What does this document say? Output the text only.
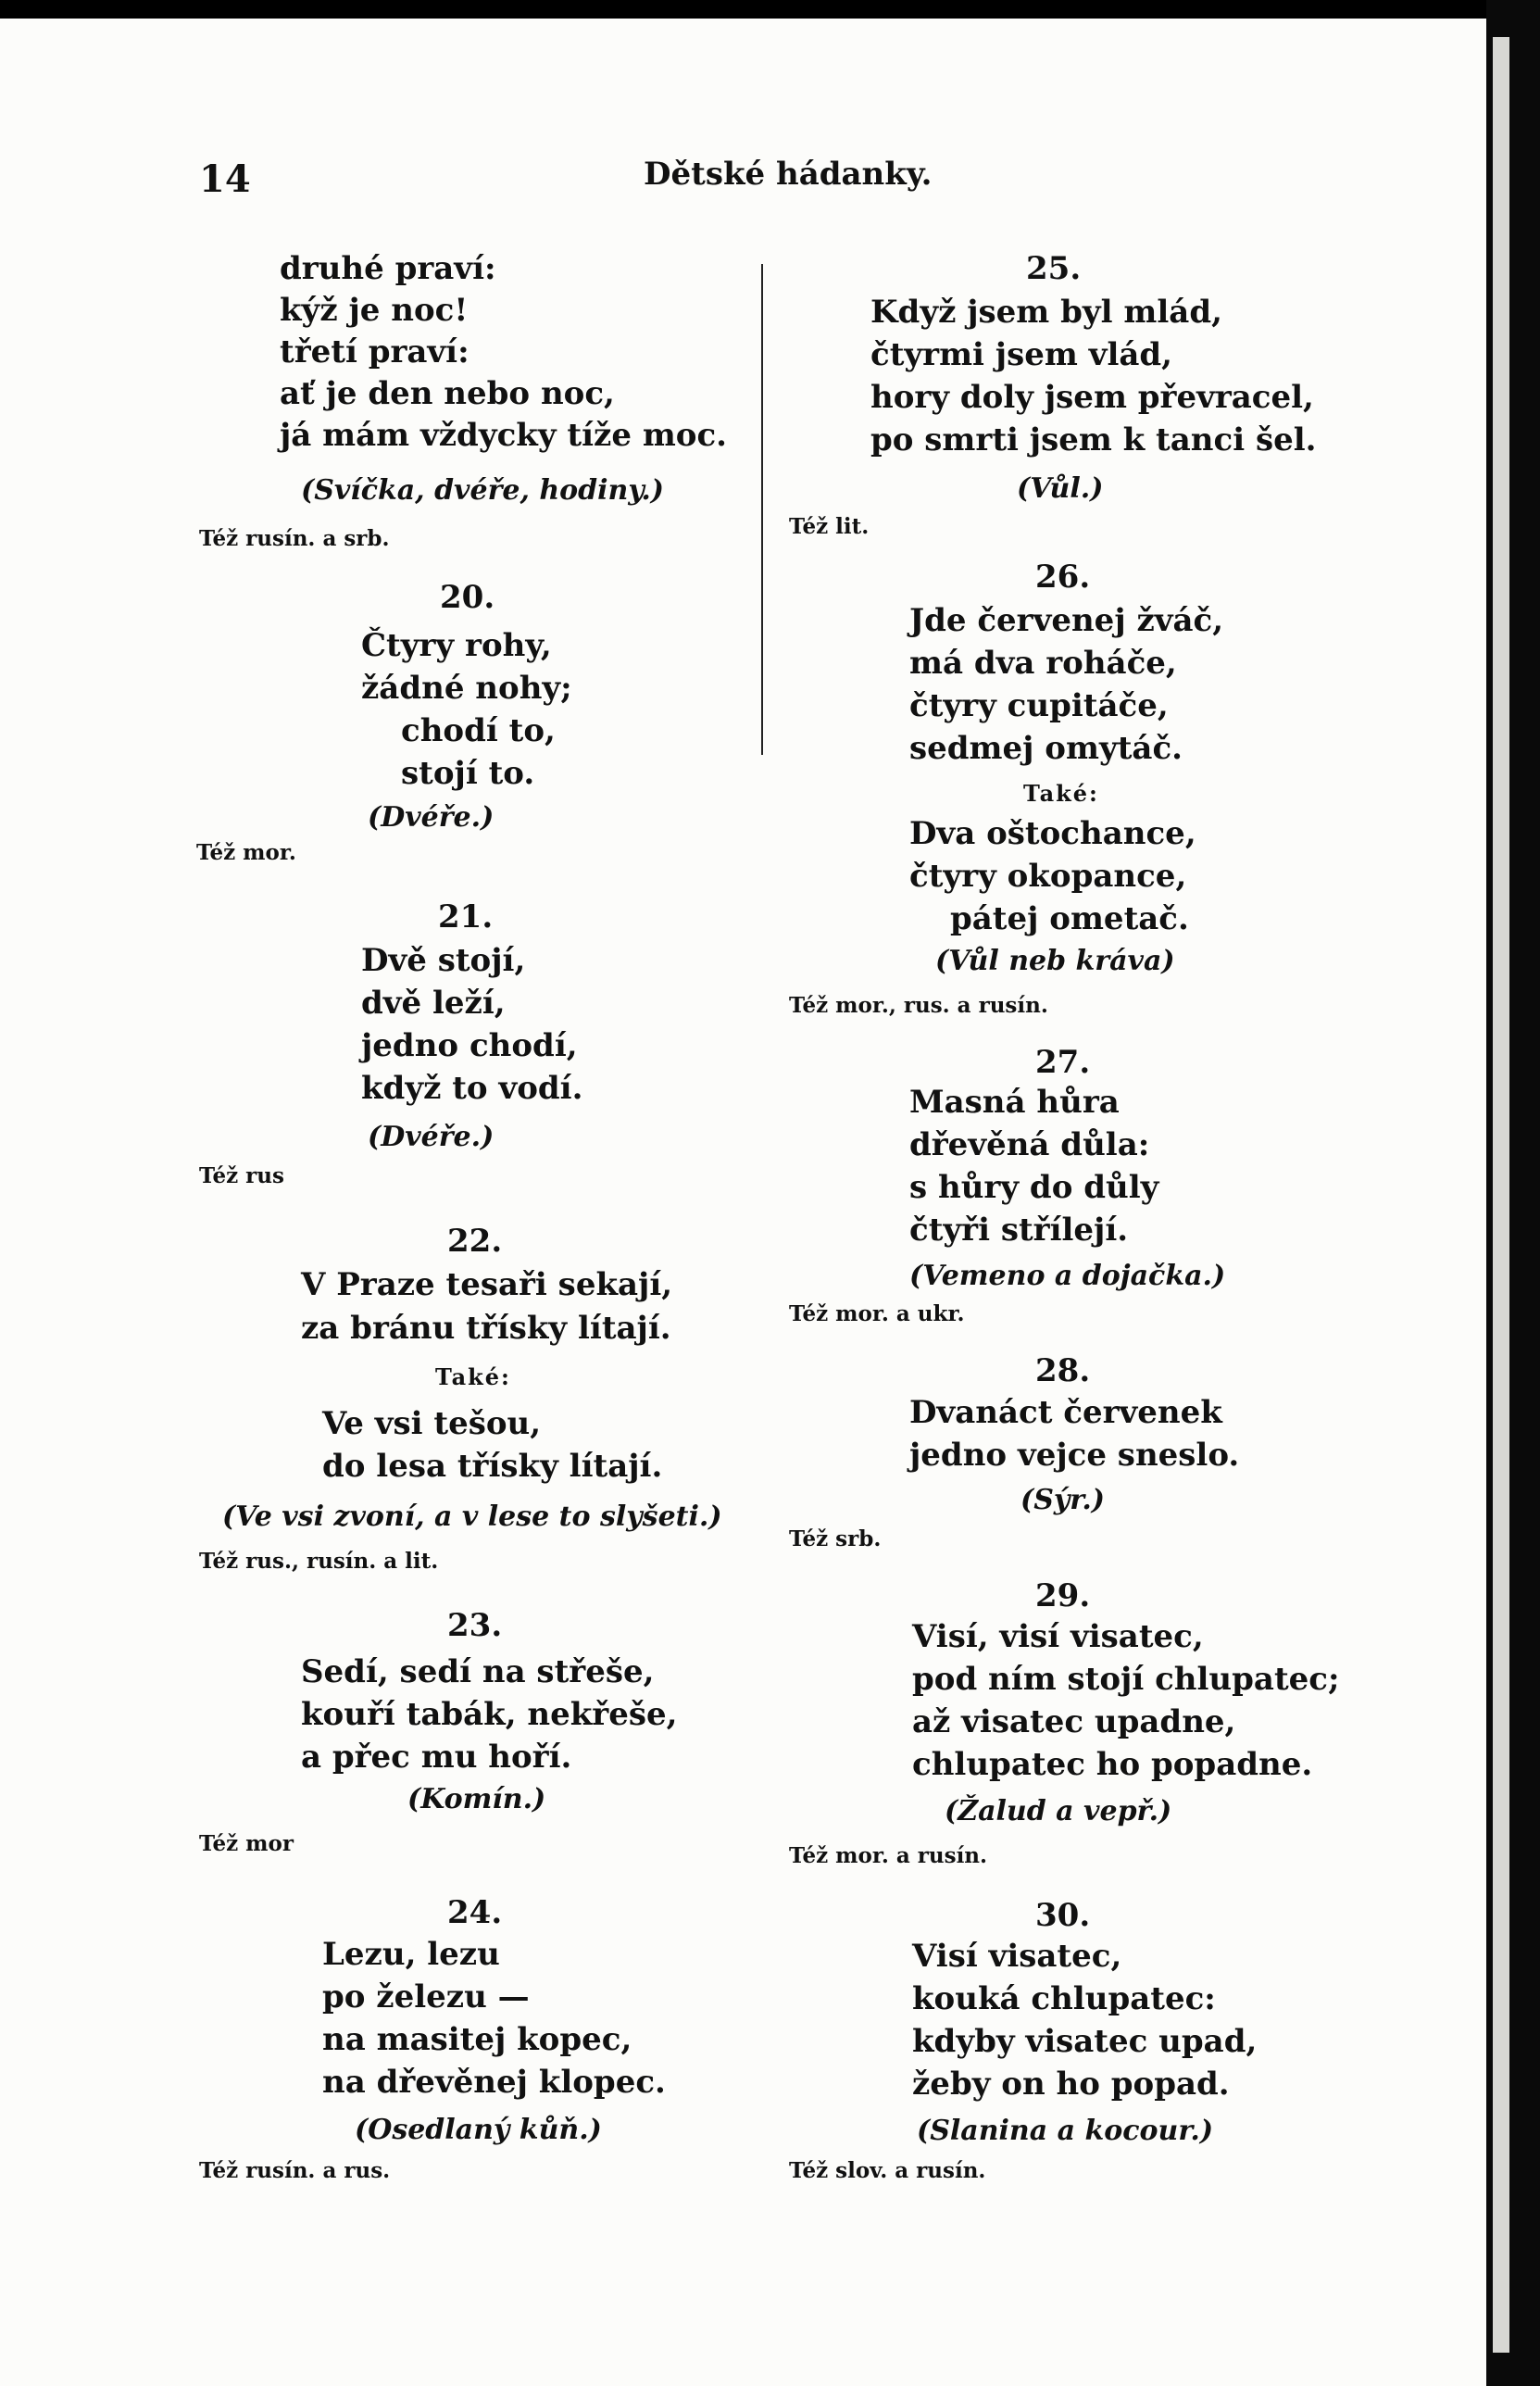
14	Dětské hádanky.
druhé praví:
kýž je noc!
třetí praví:
ať je den nebo noc,
já mám vždycky tíže moc.
(Svíčka, dvéře, hodiny.)
Též rusín. a srb.
20.
Čtyry rohy,
žádné nohy;
chodí to,
stojí to.
(Dvéře.)
Též mor.
21.
Dvě stojí,
dvě leží,
jedno chodí,
když to vodí.
(Dvéře.)
Též rus
22.
V Praze tesaři sekají,
za bránu třísky lítají.
Také:
Ve vsi tešou,
do lesa třísky lítají.
(Ve vsi zvoní, a v lese to slyšeti.)
Též rus., rusín. a lit.
23.
Sedí, sedí na střeše,
kouří tabák, nekřeše,
a přec mu hoří.
(Komín.)
Též mor
24.
Lezu, lezu
po železu —
na masitej kopec,
na dřevěnej klopec.
(Osedlaný kůň.)
Též rusín. a rus.
25.
Když jsem byl mlád,
čtyrmi jsem vlád,
hory doly jsem převracel,
po smrti jsem k tanci šel.
(Vůl.)
Též lit.
26.
Jde červenej žváč,
má dva roháče,
čtyry cupitáče,
sedmej omytáč.
Také:
Dva oštochance,
čtyry okopance,
pátej ometač.
(Vůl neb kráva)
Též mor., rus. a rusín.
27.
Masná hůra
dřevěná důla:
s hůry do důly
čtyři střílejí.
(Vemeno a dojačka.)
Též mor. a ukr.
28.
Dvanáct červenek
jedno vejce sneslo.
(Sýr.)
Též srb.
29.
Visí, visí visatec,
pod ním stojí chlupatec;
až visatec upadne,
chlupatec ho popadne.
(Žalud a vepř.)
Též mor. a rusín.
30.
Visí visatec,
kouká chlupatec:
kdyby visatec upad,
žeby on ho popad.
(Slanina a kocour.)
Též slov. a rusín.
